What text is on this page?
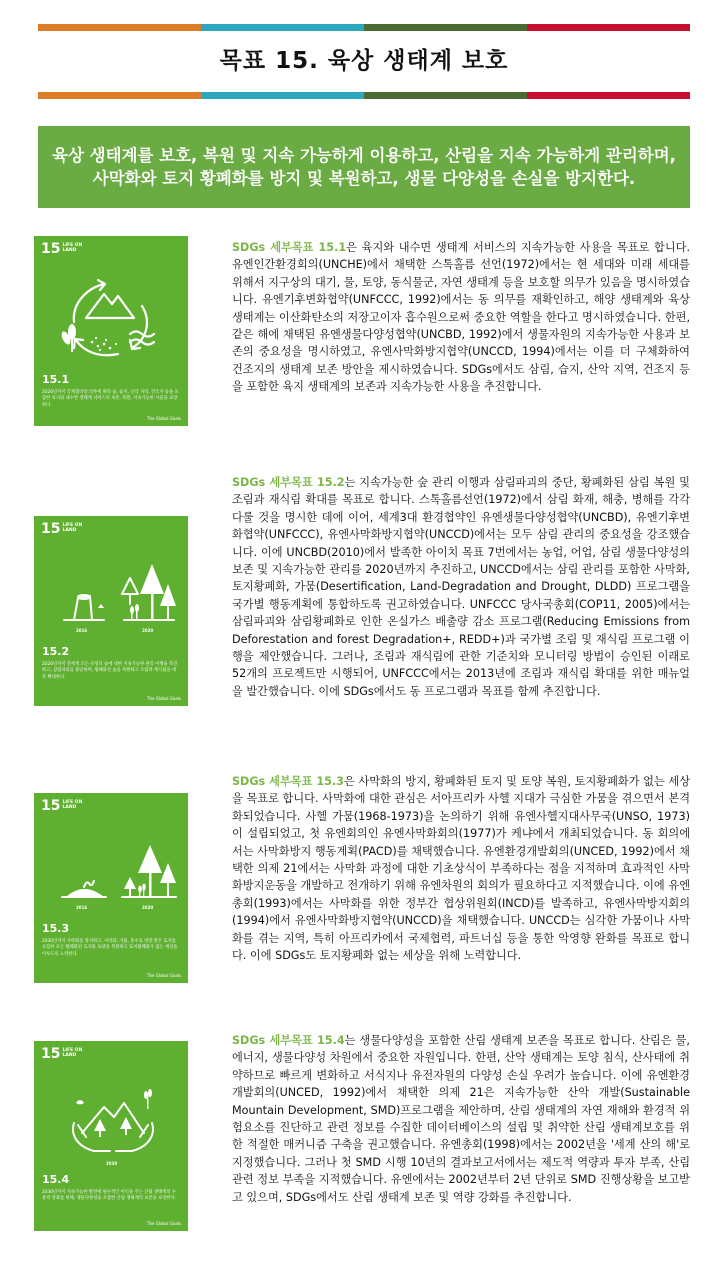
목표 15. 육상 생태계 보호
육상 생태계를 보호, 복원 및 지속 가능하게 이용하고, 산림을 지속 가능하게 관리하며, 사막화와 토지 황폐화를 방지 및 복원하고, 생물 다양성을 손실을 방지한다.
15 LIFE ON LAND
15.1
2020년까지 국제협약상 의무에 따라 숲, 습지, 산악 지역, 건조지 등을 포함한 육지와 내수면 생태계 서비스의 보존, 복원, 지속가능한 사용을 보장한다.
The Global Goals

SDGs 세부목표 15.1은 육지와 내수면 생태계 서비스의 지속가능한 사용을 목표로 합니다. 유엔인간환경회의(UNCHE)에서 채택한 스톡홀름 선언(1972)에서는 현 세대와 미래 세대를 위해서 지구상의 대기, 물, 토양, 동식물군, 자연 생태계 등을 보호할 의무가 있음을 명시하였습니다. 유엔기후변화협약(UNFCCC, 1992)에서는 동 의무를 재확인하고, 해양 생태계와 육상 생태계는 이산화탄소의 저장고이자 흡수원으로써 중요한 역할을 한다고 명시하였습니다. 한편, 같은 해에 채택된 유엔생물다양성협약(UNCBD, 1992)에서 생물자원의 지속가능한 사용과 보존의 중요성을 명시하였고, 유엔사막화방지협약(UNCCD, 1994)에서는 이를 더 구체화하여 건조지의 생태계 보존 방안을 제시하였습니다. SDGs에서도 삼림, 습지, 산악 지역, 건조지 등을 포함한 육지 생태계의 보존과 지속가능한 사용을 추진합니다.

15 LIFE ON LAND
2016	2020
15.2
2020년까지 전세계 모든 유형의 숲에 대한 지속가능한 관리 이행을 촉진하고, 삼림파괴를 중단하며, 황폐화된 숲을 복원하고 조림과 재식림을 대폭 확대한다.
The Global Goals

SDGs 세부목표 15.2는 지속가능한 숲 관리 이행과 삼림파괴의 중단, 황폐화된 삼림 복원 및 조림과 재식림 확대를 목표로 합니다. 스톡홀름선언(1972)에서 삼림 화재, 해충, 병해를 각각 다룰 것을 명시한 데에 이어, 세계3대 환경협약인 유엔생물다양성협약(UNCBD), 유엔기후변화협약(UNFCCC), 유엔사막화방지협약(UNCCD)에서는 모두 삼림 관리의 중요성을 강조했습니다. 이에 UNCBD(2010)에서 발족한 아이치 목표 7번에서는 농업, 어업, 삼림 생물다양성의 보존 및 지속가능한 관리를 2020년까지 추진하고, UNCCD에서는 삼림 관리를 포함한 사막화, 토지황폐화, 가뭄(Desertification, Land-Degradation and Drought, DLDD) 프로그램을 국가별 행동계획에 통합하도록 권고하였습니다. UNFCCC 당사국총회(COP11, 2005)에서는 삼림파괴와 삼림황폐화로 인한 온실가스 배출량 감소 프로그램(Reducing Emissions from Deforestation and forest Degradation+, REDD+)과 국가별 조림 및 재식림 프로그램 이행을 제안했습니다. 그러나, 조림과 재식림에 관한 기준치와 모니터링 방법이 승인된 이래로 52개의 프로젝트만 시행되어, UNFCCC에서는 2013년에 조림과 재식림 확대를 위한 매뉴얼을 발간했습니다. 이에 SDGs에서도 동 프로그램과 목표를 함께 추진합니다.

15 LIFE ON LAND
2016	2020
15.3
2030년까지 사막화를 방지하고, 사막화, 가뭄, 홍수로 영향 받은 토지를 포함한 모든 황폐화된 토지와 토양을 복원하고 토지황폐화가 없는 세상을 이루도록 노력한다.
The Global Goals

SDGs 세부목표 15.3은 사막화의 방지, 황폐화된 토지 및 토양 복원, 토지황폐화가 없는 세상을 목표로 합니다. 사막화에 대한 관심은 서아프리카 사헬 지대가 극심한 가뭄을 겪으면서 본격화되었습니다. 사헬 가뭄(1968-1973)을 논의하기 위해 유엔사헬지대사무국(UNSO, 1973)이 설립되었고, 첫 유엔회의인 유엔사막화회의(1977)가 케냐에서 개최되었습니다. 동 회의에서는 사막화방지 행동계획(PACD)를 채택했습니다. 유엔환경개발회의(UNCED, 1992)에서 채택한 의제 21에서는 사막화 과정에 대한 기초상식이 부족하다는 점을 지적하며 효과적인 사막화방지운동을 개발하고 전개하기 위해 유엔차원의 회의가 필요하다고 지적했습니다. 이에 유엔총회(1993)에서는 사막화를 위한 정부간 협상위원회(INCD)를 발족하고, 유엔사막방지회의(1994)에서 유엔사막화방지협약(UNCCD)을 채택했습니다. UNCCD는 심각한 가뭄이나 사막화를 겪는 지역, 특히 아프리카에서 국제협력, 파트너십 등을 통한 악영향 완화를 목표로 합니다. 이에 SDGs도 토지황폐화 없는 세상을 위해 노력합니다.

15 LIFE ON LAND
2030
15.4
2030년까지 지속가능한 발전에 필수적인 이익을 주는 산림 생태계의 수용력 강화를 위해, 생물다양성을 포함한 산림 생태계의 보존을 보장한다.
The Global Goals

SDGs 세부목표 15.4는 생물다양성을 포함한 산림 생태계 보존을 목표로 합니다. 산림은 물, 에너지, 생물다양성 차원에서 중요한 자원입니다. 한편, 산악 생태계는 토양 침식, 산사태에 취약하므로 빠르게 변화하고 서식지나 유전자원의 다양성 손실 우려가 높습니다. 이에 유엔환경개발회의(UNCED, 1992)에서 채택한 의제 21은 지속가능한 산악 개발(Sustainable Mountain Development, SMD)프로그램을 제안하며, 산림 생태계의 자연 재해와 환경적 위험요소를 진단하고 관련 정보를 수집한 데이터베이스의 설립 및 취약한 산림 생태계보호를 위한 적절한 매커니즘 구축을 권고했습니다. 유엔총회(1998)에서는 2002년을 '세계 산의 해'로 지정했습니다. 그러나 첫 SMD 시행 10년의 결과보고서에서는 제도적 역량과 투자 부족, 산림 관련 정보 부족을 지적했습니다. 유엔에서는 2002년부터 2년 단위로 SMD 진행상황을 보고받고 있으며, SDGs에서도 산림 생태계 보존 및 역량 강화를 추진합니다.
